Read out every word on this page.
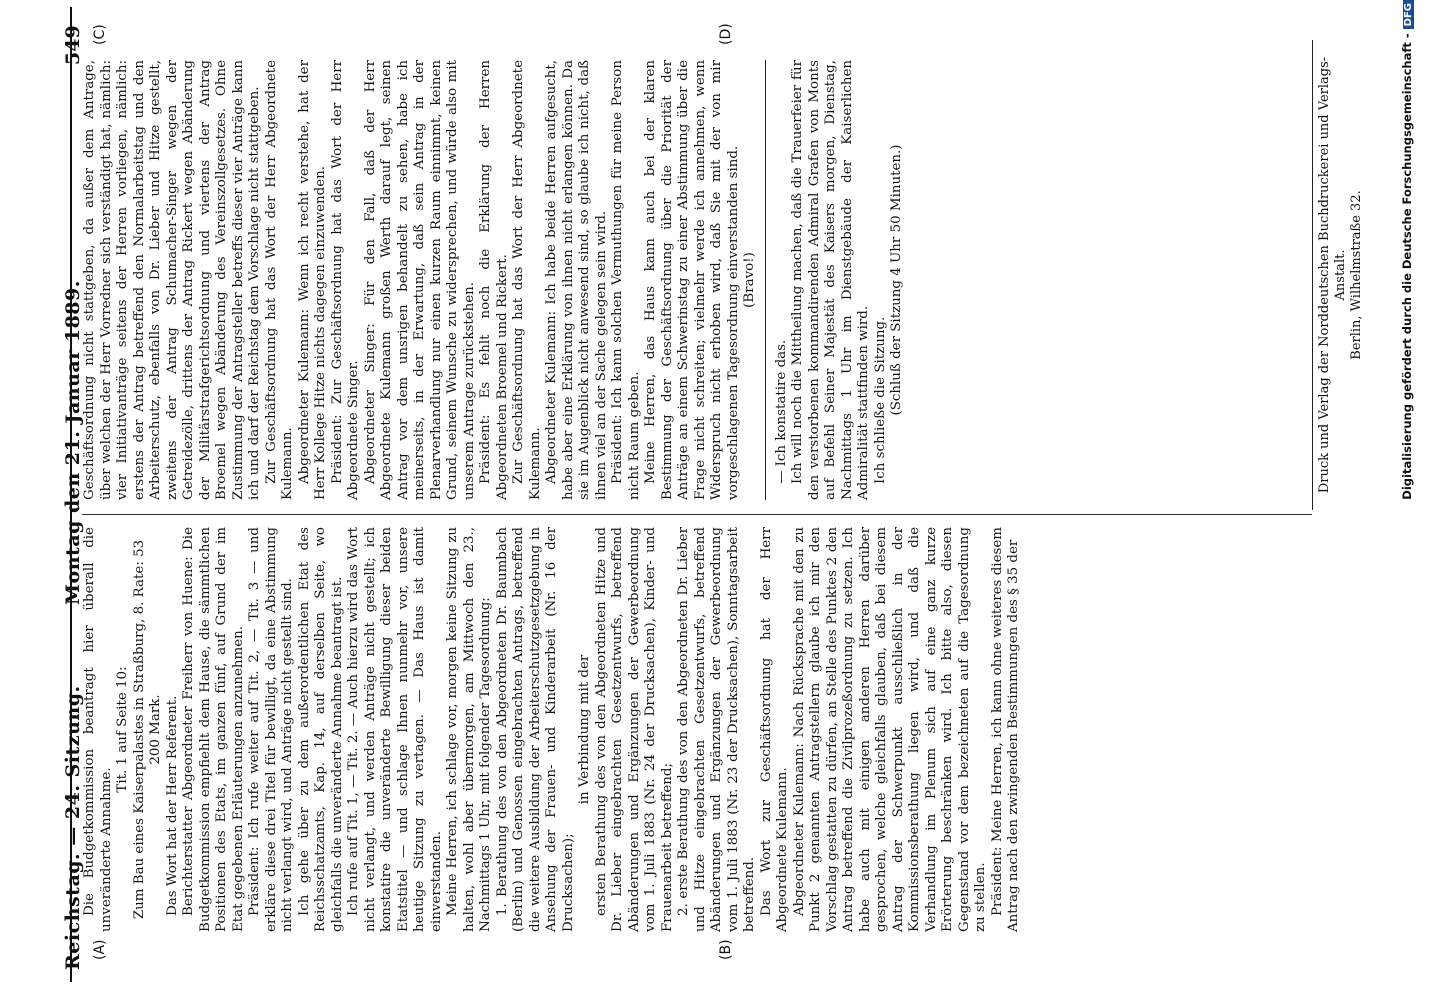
Reichstag. — 24. Sitzung.
Montag den 21. Januar 1889.
549
(A)	(B)
(C)	(D)

Die Budgetkommission beantragt hier überall die unveränderte Annahme.

Tit. 1 auf Seite 10: Zum Bau eines Kaiserpalastes in Straßburg, 8. Rate: 53 200 Mark. Das Wort hat der Herr Referent. Berichterstatter Abgeordneter Freiherr von Huene: Die Budgetkommission empfiehlt dem Hause, die sämmtlichen Positionen des Etats, im ganzen fünf, auf Grund der im Etat gegebenen Erläuterungen anzunehmen. Präsident: Ich rufe weiter auf Tit. 2, — Tit. 3 — und erkläre diese drei Titel für bewilligt, da eine Abstimmung nicht verlangt wird, und Anträge nicht gestellt sind. Ich gehe über zu dem außerordentlichen Etat des Reichsschatzamts, Kap. 14, auf derselben Seite, wo gleichfalls die unveränderte Annahme beantragt ist. Ich rufe auf Tit. 1, — Tit. 2. — Auch hierzu wird das Wort nicht verlangt, und werden Anträge nicht gestellt; ich konstatire die unveränderte Bewilligung dieser beiden Etatstitel — und schlage Ihnen nunmehr vor, unsere heutige Sitzung zu vertagen. — Das Haus ist damit einverstanden. Meine Herren, ich schlage vor, morgen keine Sitzung zu halten, wohl aber übermorgen, am Mittwoch den 23., Nachmittags 1 Uhr, mit folgender Tagesordnung: 1. Berathung des von den Abgeordneten Dr. Baumbach (Berlin) und Genossen eingebrachten Antrags, betreffend die weitere Ausbildung der Arbeiterschutzgesetzgebung in Ansehung der Frauen- und Kinderarbeit (Nr. 16 der Drucksachen);

in Verbindung mit der ersten Berathung des von den Abgeordneten Hitze und Dr. Lieber eingebrachten Gesetzentwurfs, betreffend Abänderungen und Ergänzungen der Gewerbeordnung vom 1. Juli 1883 (Nr. 24 der Drucksachen), Kinder- und Frauenarbeit betreffend; 2. erste Berathung des von den Abgeordneten Dr. Lieber und Hitze eingebrachten Gesetzentwurfs, betreffend Abänderungen und Ergänzungen der Gewerbeordnung vom 1. Juli 1883 (Nr. 23 der Drucksachen), Sonntagsarbeit betreffend. Das Wort zur Geschäftsordnung hat der Herr Abgeordnete Kulemann. Abgeordneter Kulemann: Nach Rücksprache mit den zu Punkt 2 genannten Antragstellern glaube ich mir den Vorschlag gestatten zu dürfen, an Stelle des Punktes 2 den Antrag betreffend die Zivilprozeßordnung zu setzen. Ich habe auch mit einigen anderen Herren darüber gesprochen, welche gleichfalls glauben, daß bei diesem Antrag der Schwerpunkt ausschließlich in der Kommissionsberathung liegen wird, und daß die Verhandlung im Plenum sich auf eine ganz kurze Erörterung beschränken wird. Ich bitte also, diesen Gegenstand vor dem bezeichneten auf die Tagesordnung zu stellen. Präsident: Meine Herren, ich kann ohne weiteres diesem Antrag nach den zwingenden Bestimmungen des § 35 der

Geschäftsordnung nicht stattgeben, da außer dem Antrage, über welchen der Herr Vorredner sich verständigt hat, nämlich: vier Initiativanträge seitens der Herren vorliegen, nämlich: erstens der Antrag betreffend den Normalarbeitstag und den Arbeiterschutz, ebenfalls von Dr. Lieber und Hitze gestellt, zweitens der Antrag Schumacher-Singer wegen der Getreidezölle, drittens der Antrag Rickert wegen Abänderung der Militärstrafgerichtsordnung und viertens der Antrag Broemel wegen Abänderung des Vereinszollgesetzes. Ohne Zustimmung der Antragsteller betreffs dieser vier Anträge kann ich und darf der Reichstag dem Vorschlage nicht stattgeben. Zur Geschäftsordnung hat das Wort der Herr Abgeordnete Kulemann. Abgeordneter Kulemann: Wenn ich recht verstehe, hat der Herr Kollege Hitze nichts dagegen einzuwenden. Präsident: Zur Geschäftsordnung hat das Wort der Herr Abgeordnete Singer. Abgeordneter Singer: Für den Fall, daß der Herr Abgeordnete Kulemann großen Werth darauf legt, seinen Antrag vor dem unsrigen behandelt zu sehen, habe ich meinerseits, in der Erwartung, daß sein Antrag in der Plenarverhandlung nur einen kurzen Raum einnimmt, keinen Grund, seinem Wunsche zu widersprechen, und würde also mit unserem Antrage zurückstehen. Präsident: Es fehlt noch die Erklärung der Herren Abgeordneten Broemel und Rickert. Zur Geschäftsordnung hat das Wort der Herr Abgeordnete Kulemann. Abgeordneter Kulemann: Ich habe beide Herren aufgesucht, habe aber eine Erklärung von ihnen nicht erlangen können. Da sie im Augenblick nicht anwesend sind, so glaube ich nicht, daß ihnen viel an der Sache gelegen sein wird. Präsident: Ich kann solchen Vermuthungen für meine Person nicht Raum geben. Meine Herren, das Haus kann auch bei der klaren Bestimmung der Geschäftsordnung über die Priorität der Anträge an einem Schwerinstag zu einer Abstimmung über die Frage nicht schreiten; vielmehr werde ich annehmen, wenn Widerspruch nicht erhoben wird, daß Sie mit der von mir vorgeschlagenen Tagesordnung einverstanden sind. (Bravo!)

— Ich konstatire das. Ich will noch die Mittheilung machen, daß die Trauerfeier für den verstorbenen kommandirenden Admiral Grafen von Monts auf Befehl Seiner Majestät des Kaisers morgen, Dienstag, Nachmittags 1 Uhr im Dienstgebäude der Kaiserlichen Admiralität stattfinden wird. Ich schließe die Sitzung. (Schluß der Sitzung 4 Uhr 50 Minuten.)	Druck und Verlag der Norddeutschen Buchdruckerei und Verlags-Anstalt. Berlin, Wilhelmstraße 32.	Digitalisierung gefördert durch die Deutsche Forschungsgemeinschaft -DFG
